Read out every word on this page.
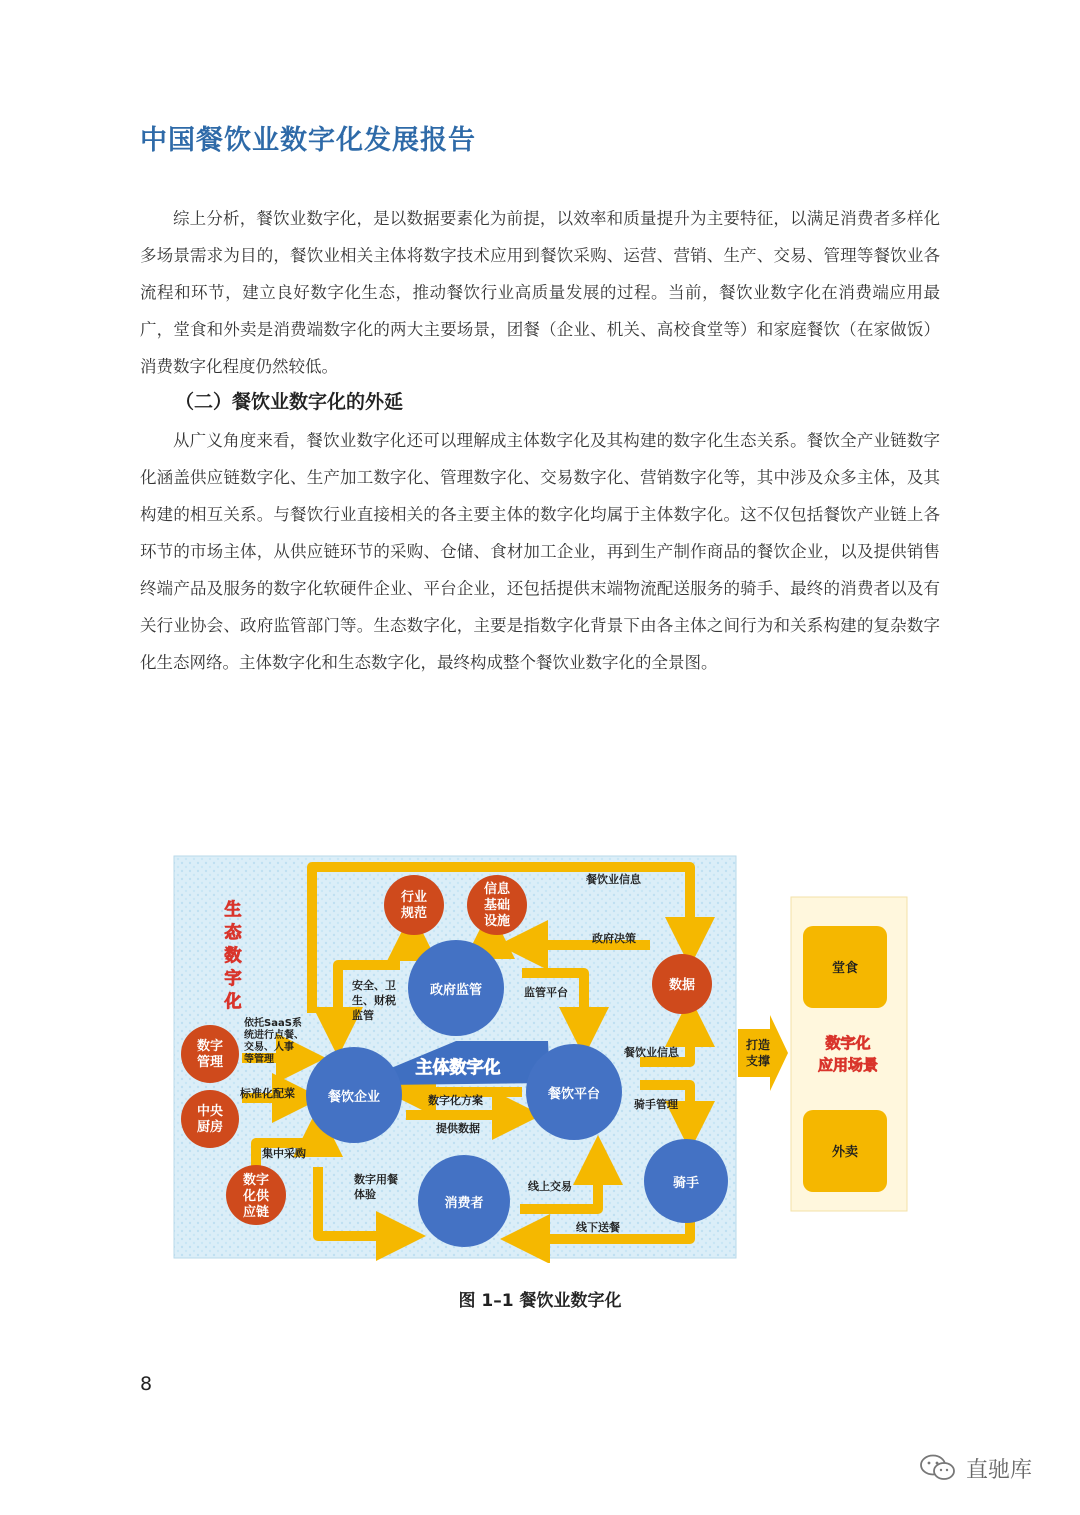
中国餐饮业数字化发展报告

综上分析，餐饮业数字化，是以数据要素化为前提，以效率和质量提升为主要特征，以满足消费者多样化多场景需求为目的，餐饮业相关主体将数字技术应用到餐饮采购、运营、营销、生产、交易、管理等餐饮业各流程和环节，建立良好数字化生态，推动餐饮行业高质量发展的过程。当前，餐饮业数字化在消费端应用最广，堂食和外卖是消费端数字化的两大主要场景，团餐（企业、机关、高校食堂等）和家庭餐饮（在家做饭）消费数字化程度仍然较低。

（二）餐饮业数字化的外延

从广义角度来看，餐饮业数字化还可以理解成主体数字化及其构建的数字化生态关系。餐饮全产业链数字化涵盖供应链数字化、生产加工数字化、管理数字化、交易数字化、营销数字化等，其中涉及众多主体，及其构建的相互关系。与餐饮行业直接相关的各主要主体的数字化均属于主体数字化。这不仅包括餐饮产业链上各环节的市场主体，从供应链环节的采购、仓储、食材加工企业，再到生产制作商品的餐饮企业，以及提供销售终端产品及服务的数字化软硬件企业、平台企业，还包括提供末端物流配送服务的骑手、最终的消费者以及有关行业协会、政府监管部门等。生态数字化，主要是指数字化背景下由各主体之间行为和关系构建的复杂数字化生态网络。主体数字化和生态数字化，最终构成整个餐饮业数字化的全景图。

生
态
数
字
化
主体数字化
政府监管
餐饮企业	餐饮平台
消费者
骑手
数据
行业
规范
信息
基础
设施
数字
管理
中央
厨房
数字
化供
应链
餐饮业信息
政府决策
安全、卫
生、财税
监管
监管平台
依托SaaS系
统进行点餐、
交易、人事
等管理
标准化配菜
集中采购
数字化方案
提供数据
餐饮业信息
骑手管理
数字用餐
体验
线上交易
线下送餐
打造
支撑
堂食
外卖
数字化
应用场景
图 1–1 餐饮业数字化
8
直驰库
